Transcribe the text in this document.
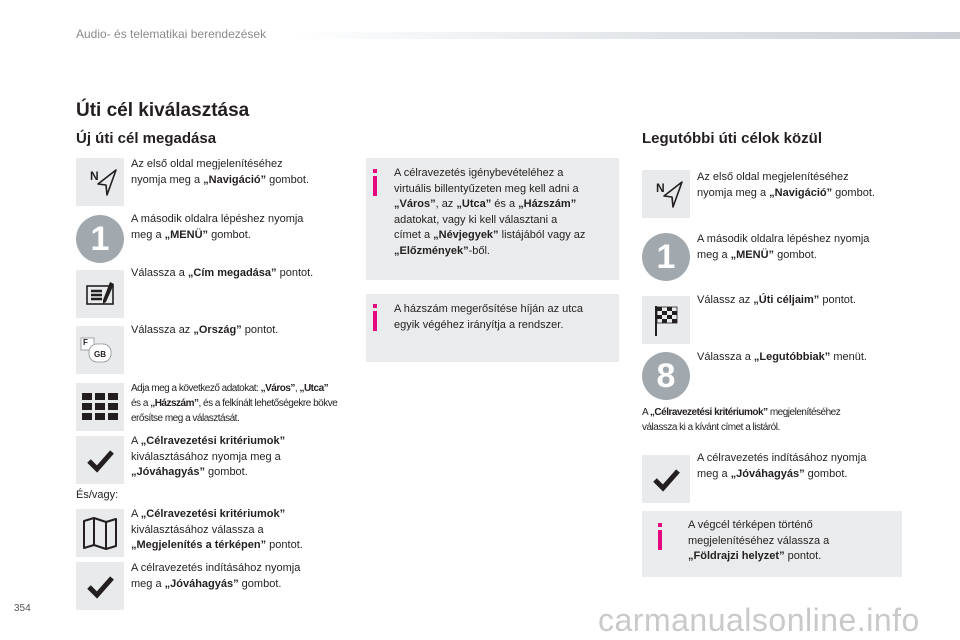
Audio- és telematikai berendezések
Úti cél kiválasztása
Új úti cél megadása
N
Az első oldal megjelenítéséhez
nyomja meg a „Navigáció” gombot.
1
A második oldalra lépéshez nyomja
meg a „MENÜ” gombot.
Válassza a „Cím megadása” pontot.
F
GB
Válassza az „Ország” pontot.
Adja meg a következő adatokat: „Város”, „Utca”
és a „Házszám”, és a felkínált lehetőségekre bökve
erősítse meg a választását.
A „Célravezetési kritériumok”
kiválasztásához nyomja meg a
„Jóváhagyás” gombot.
És/vagy:
A „Célravezetési kritériumok”
kiválasztásához válassza a
„Megjelenítés a térképen” pontot.
A célravezetés indításához nyomja
meg a „Jóváhagyás” gombot.
A célravezetés igénybevételéhez a
virtuális billentyűzeten meg kell adni a
„Város”, az „Utca” és a „Házszám”
adatokat, vagy ki kell választani a
címet a „Névjegyek” listájából vagy az
„Előzmények”-ből.
A házszám megerősítése híján az utca
egyik végéhez irányítja a rendszer.
Legutóbbi úti célok közül
N
Az első oldal megjelenítéséhez
nyomja meg a „Navigáció” gombot.
1	A második oldalra lépéshez nyomja
meg a „MENÜ” gombot.
Válassz az „Úti céljaim” pontot.
8	Válassza a „Legutóbbiak” menüt.
A „Célravezetési kritériumok” megjelenítéséhez
válassza ki a kívánt címet a listáról.
A célravezetés indításához nyomja
meg a „Jóváhagyás” gombot.
A végcél térképen történő
megjelenítéséhez válassza a
„Földrajzi helyzet” pontot.
354	carmanualsonline.info
